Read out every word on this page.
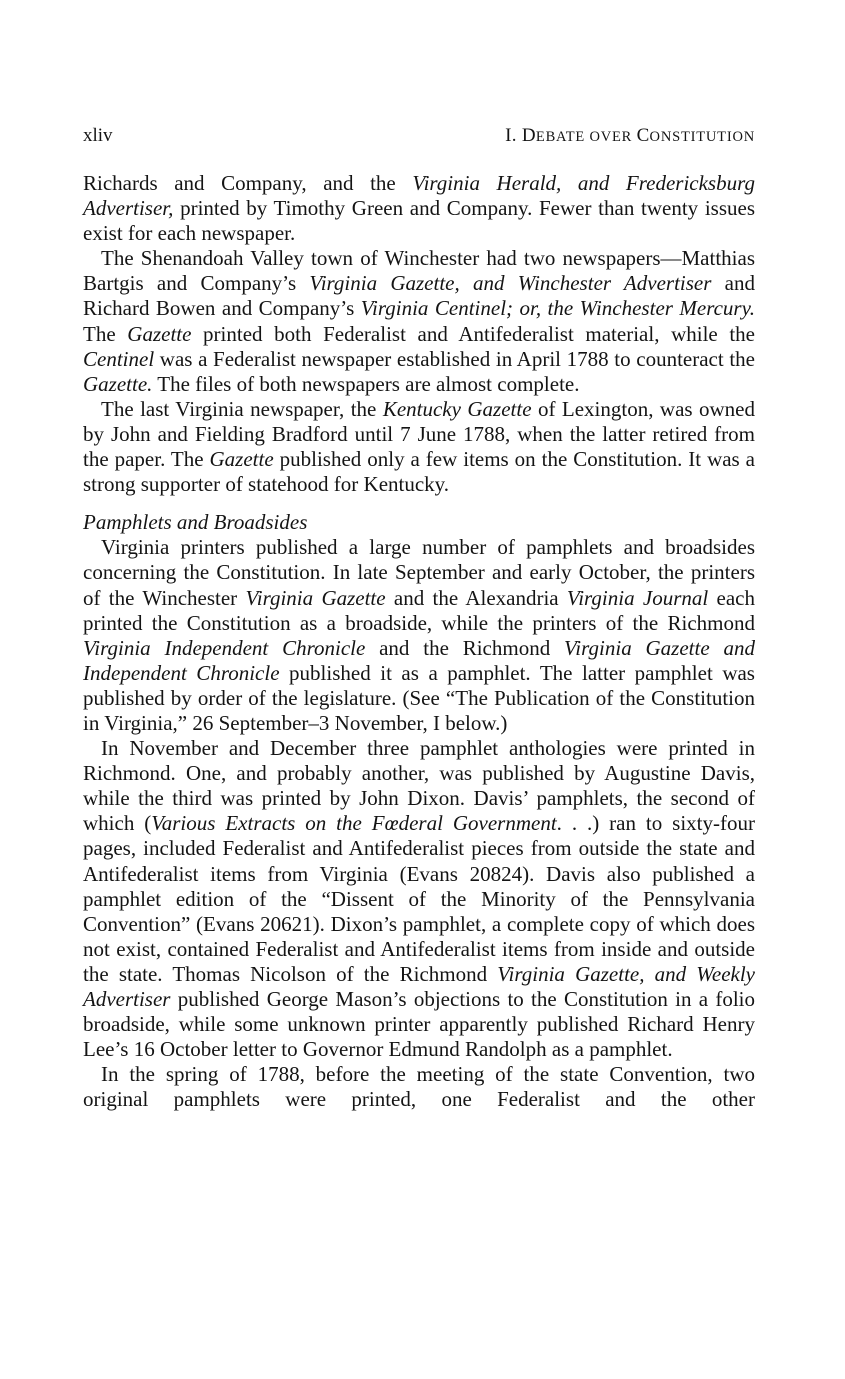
xliv	I. DEBATE OVER CONSTITUTION

Richards and Company, and the Virginia Herald, and Fredericksburg Advertiser, printed by Timothy Green and Company. Fewer than twenty issues exist for each newspaper.

The Shenandoah Valley town of Winchester had two newspapers—Matthias Bartgis and Company’s Virginia Gazette, and Winchester Advertiser and Richard Bowen and Company’s Virginia Centinel; or, the Winchester Mercury. The Gazette printed both Federalist and Antifederalist material, while the Centinel was a Federalist newspaper established in April 1788 to counteract the Gazette. The files of both newspapers are almost complete.

The last Virginia newspaper, the Kentucky Gazette of Lexington, was owned by John and Fielding Bradford until 7 June 1788, when the latter retired from the paper. The Gazette published only a few items on the Constitution. It was a strong supporter of statehood for Kentucky.

Pamphlets and Broadsides

Virginia printers published a large number of pamphlets and broadsides concerning the Constitution. In late September and early October, the printers of the Winchester Virginia Gazette and the Alexandria Virginia Journal each printed the Constitution as a broadside, while the printers of the Richmond Virginia Independent Chronicle and the Richmond Virginia Gazette and Independent Chronicle published it as a pamphlet. The latter pamphlet was published by order of the legislature. (See “The Publication of the Constitution in Virginia,” 26 September–3 November, I below.)

In November and December three pamphlet anthologies were printed in Richmond. One, and probably another, was published by Augustine Davis, while the third was printed by John Dixon. Davis’ pamphlets, the second of which (Various Extracts on the Fœderal Government. . .) ran to sixty-four pages, included Federalist and Antifederalist pieces from outside the state and Antifederalist items from Virginia (Evans 20824). Davis also published a pamphlet edition of the “Dissent of the Minority of the Pennsylvania Convention” (Evans 20621). Dixon’s pamphlet, a complete copy of which does not exist, contained Federalist and Antifederalist items from inside and outside the state. Thomas Nicolson of the Richmond Virginia Gazette, and Weekly Advertiser published George Mason’s objections to the Constitution in a folio broadside, while some unknown printer apparently published Richard Henry Lee’s 16 October letter to Governor Edmund Randolph as a pamphlet.

In the spring of 1788, before the meeting of the state Convention, two original pamphlets were printed, one Federalist and the other
